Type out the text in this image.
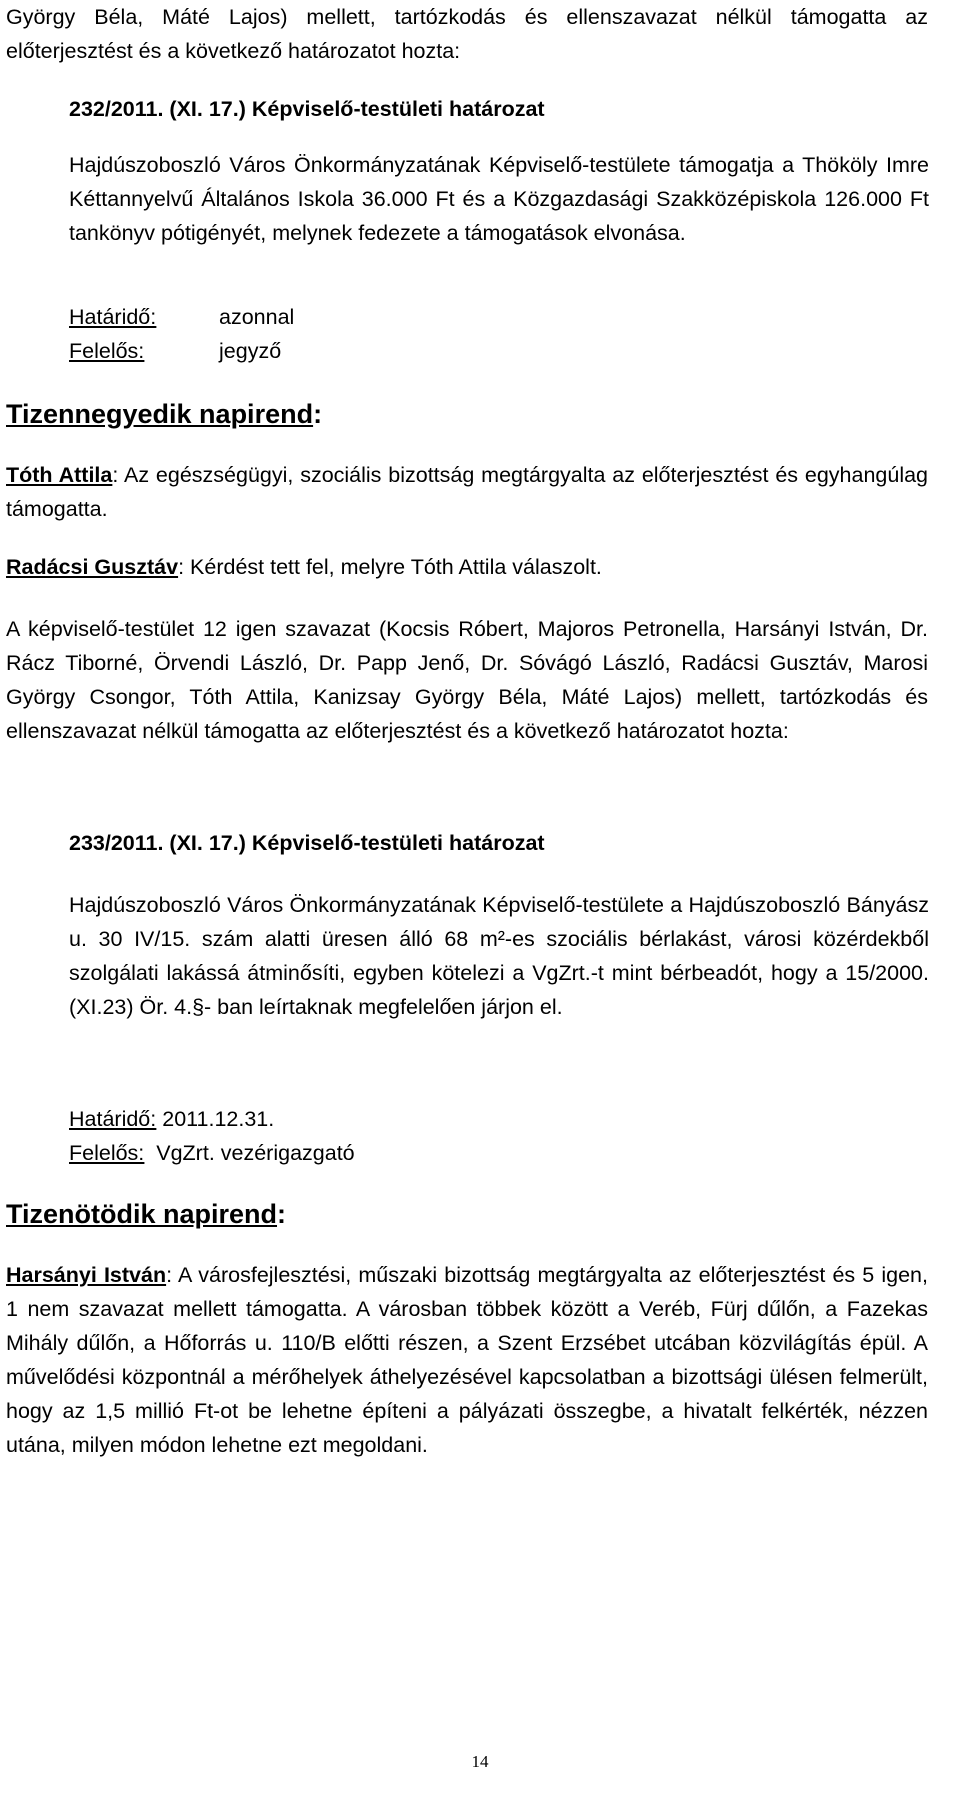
György Béla, Máté Lajos) mellett, tartózkodás és ellenszavazat nélkül támogatta az előterjesztést és a következő határozatot hozta:

232/2011. (XI. 17.) Képviselő-testületi határozat
Hajdúszoboszló Város Önkormányzatának Képviselő-testülete támogatja a Thököly Imre Kéttannyelvű Általános Iskola 36.000 Ft és a Közgazdasági Szakközépiskola 126.000 Ft tankönyv pótigényét, melynek fedezete a támogatások elvonása.
Határidő:	azonnal
Felelős:	jegyző
Tizennegyedik napirend:

Tóth Attila: Az egészségügyi, szociális bizottság megtárgyalta az előterjesztést és egyhangúlag támogatta.

Radácsi Gusztáv: Kérdést tett fel, melyre Tóth Attila válaszolt.

A képviselő-testület 12 igen szavazat (Kocsis Róbert, Majoros Petronella, Harsányi István, Dr. Rácz Tiborné, Örvendi László, Dr. Papp Jenő, Dr. Sóvágó László, Radácsi Gusztáv, Marosi György Csongor, Tóth Attila, Kanizsay György Béla, Máté Lajos) mellett, tartózkodás és ellenszavazat nélkül támogatta az előterjesztést és a következő határozatot hozta:

233/2011. (XI. 17.) Képviselő-testületi határozat
Hajdúszoboszló Város Önkormányzatának Képviselő-testülete a Hajdúszoboszló Bányász u. 30 IV/15. szám alatti üresen álló 68 m²-es szociális bérlakást, városi közérdekből szolgálati lakássá átminősíti, egyben kötelezi a VgZrt.-t mint bérbeadót, hogy a 15/2000. (XI.23) Ör. 4.§- ban leírtaknak megfelelően járjon el.
Határidő: 2011.12.31.
Felelős: VgZrt. vezérigazgató
Tizenötödik napirend:

Harsányi István: A városfejlesztési, műszaki bizottság megtárgyalta az előterjesztést és 5 igen, 1 nem szavazat mellett támogatta. A városban többek között a Veréb, Fürj dűlőn, a Fazekas Mihály dűlőn, a Hőforrás u. 110/B előtti részen, a Szent Erzsébet utcában közvilágítás épül. A művelődési központnál a mérőhelyek áthelyezésével kapcsolatban a bizottsági ülésen felmerült, hogy az 1,5 millió Ft-ot be lehetne építeni a pályázati összegbe, a hivatalt felkérték, nézzen utána, milyen módon lehetne ezt megoldani.

14
